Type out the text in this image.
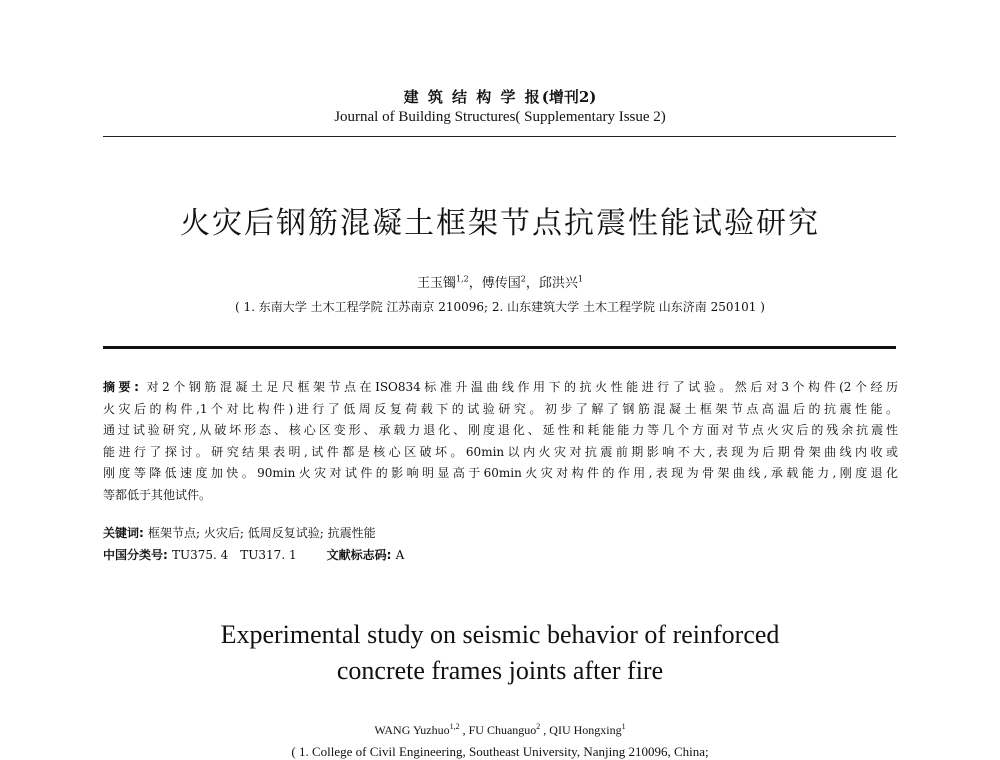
建 筑 结 构 学 报(增刊2)
Journal of Building Structures( Supplementary Issue 2)
火灾后钢筋混凝土框架节点抗震性能试验研究
王玉镯$^{1,2}$，傅传国$^2$，邱洪兴$^1$
( 1. 东南大学 土木工程学院 江苏南京 210096; 2. 山东建筑大学 土木工程学院 山东济南 250101 )
摘要: 对2个钢筋混凝土足尺框架节点在ISO834标准升温曲线作用下的抗火性能进行了试验。然后对3个构件(2个经历
火灾后的构件,1个对比构件)进行了低周反复荷载下的试验研究。初步了解了钢筋混凝土框架节点高温后的抗震性能。
通过试验研究,从破坏形态、核心区变形、承载力退化、刚度退化、延性和耗能能力等几个方面对节点火灾后的残余抗震性
能进行了探讨。研究结果表明,试件都是核心区破坏。60min以内火灾对抗震前期影响不大,表现为后期骨架曲线内收或
刚度等降低速度加快。90min火灾对试件的影响明显高于60min火灾对构件的作用,表现为骨架曲线,承载能力,刚度退化
等都低于其他试件。
关键词: 框架节点; 火灾后; 低周反复试验; 抗震性能
中国分类号: TU375. 4 TU317. 1	文献标志码: A
Experimental study on seismic behavior of reinforced
concrete frames joints after fire
WANG Yuzhuo$^{1,2}$ , FU Chuanguo$^2$ , QIU Hongxing$^1$
( 1. College of Civil Engineering, Southeast University, Nanjing 210096, China;
